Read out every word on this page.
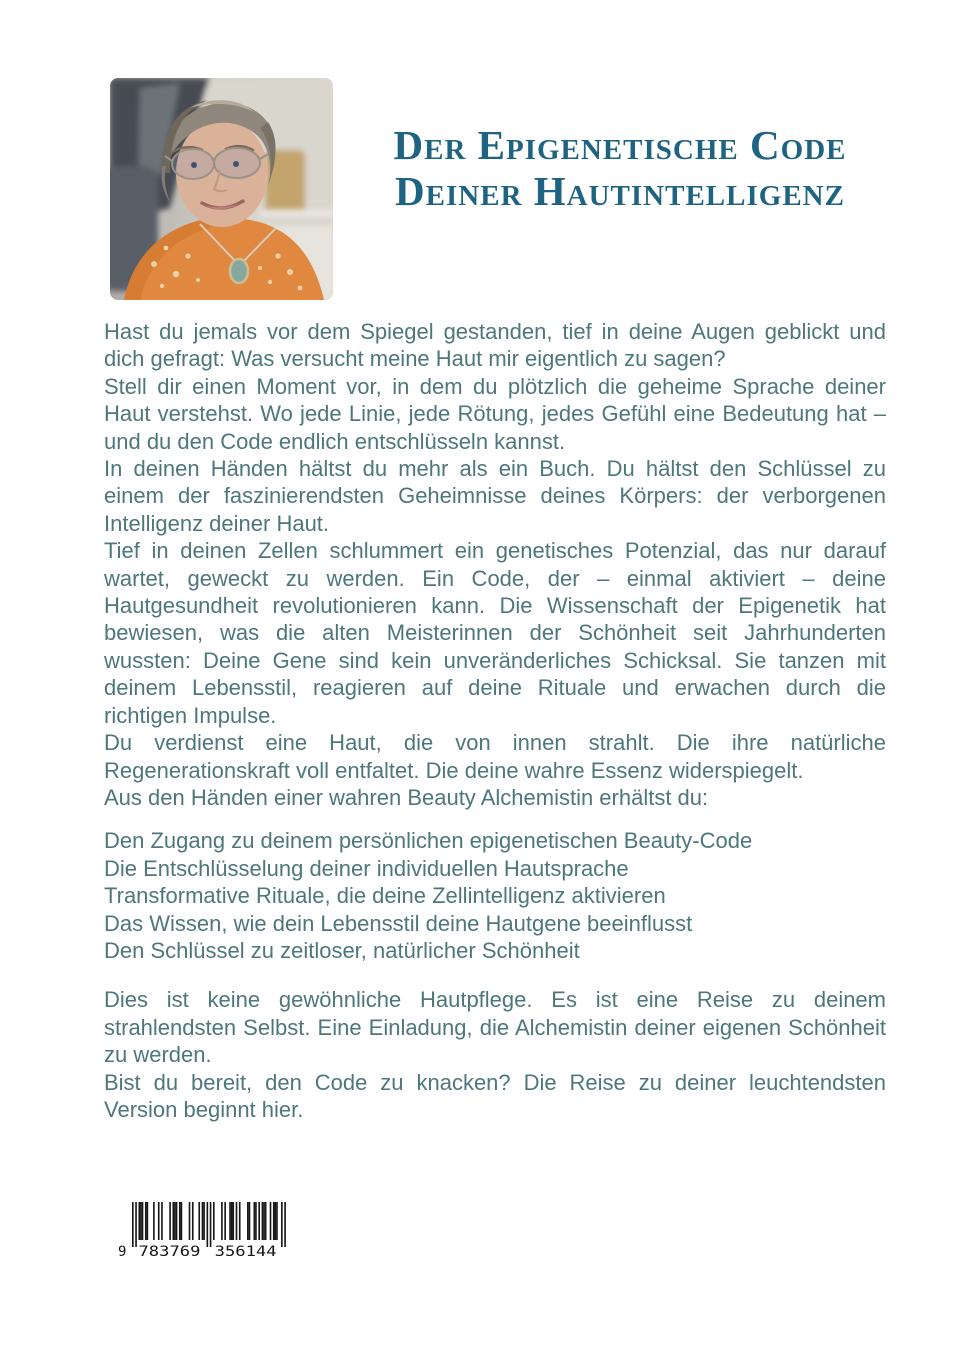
Der Epigenetische Code
Deiner Hautintelligenz

Hast du jemals vor dem Spiegel gestanden, tief in deine Augen geblickt und dich gefragt: Was versucht meine Haut mir eigentlich zu sagen?

Stell dir einen Moment vor, in dem du plötzlich die geheime Sprache deiner Haut verstehst. Wo jede Linie, jede Rötung, jedes Gefühl eine Bedeutung hat – und du den Code endlich entschlüsseln kannst.

In deinen Händen hältst du mehr als ein Buch. Du hältst den Schlüssel zu einem der faszinierendsten Geheimnisse deines Körpers: der verborgenen Intelligenz deiner Haut.

Tief in deinen Zellen schlummert ein genetisches Potenzial, das nur darauf wartet, geweckt zu werden. Ein Code, der – einmal aktiviert – deine Hautgesundheit revolutionieren kann. Die Wissenschaft der Epigenetik hat bewiesen, was die alten Meisterinnen der Schönheit seit Jahrhunderten wussten: Deine Gene sind kein unveränderliches Schicksal. Sie tanzen mit deinem Lebensstil, reagieren auf deine Rituale und erwachen durch die richtigen Impulse.

Du verdienst eine Haut, die von innen strahlt. Die ihre natürliche Regenerationskraft voll entfaltet. Die deine wahre Essenz widerspiegelt.

Aus den Händen einer wahren Beauty Alchemistin erhältst du:

Den Zugang zu deinem persönlichen epigenetischen Beauty-Code

Die Entschlüsselung deiner individuellen Hautsprache

Transformative Rituale, die deine Zellintelligenz aktivieren

Das Wissen, wie dein Lebensstil deine Hautgene beeinflusst

Den Schlüssel zu zeitloser, natürlicher Schönheit

Dies ist keine gewöhnliche Hautpflege. Es ist eine Reise zu deinem strahlendsten Selbst. Eine Einladung, die Alchemistin deiner eigenen Schönheit zu werden.

Bist du bereit, den Code zu knacken? Die Reise zu deiner leuchtendsten Version beginnt hier.

9 783769 356144
